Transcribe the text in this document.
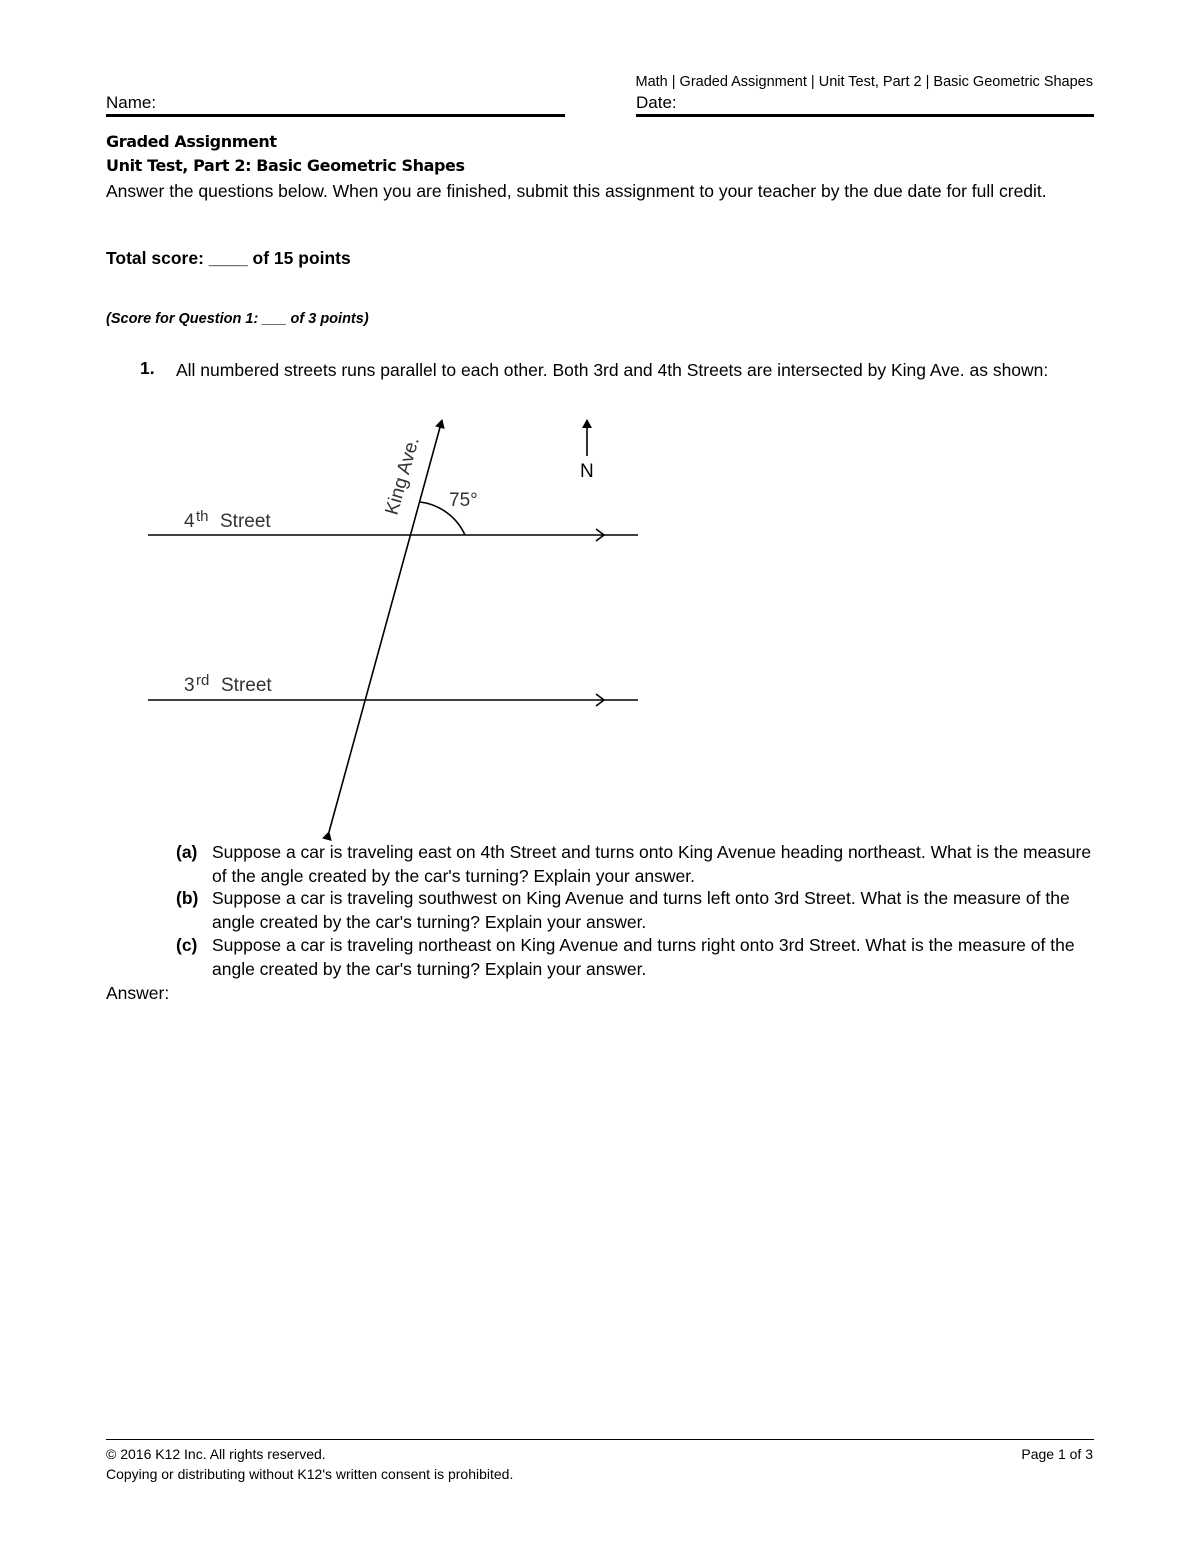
Math | Graded Assignment | Unit Test, Part 2 | Basic Geometric Shapes
Name:	Date:
Graded Assignment
Unit Test, Part 2: Basic Geometric Shapes
Answer the questions below. When you are finished, submit this assignment to your teacher by the due date for full credit.
Total score: ____ of 15 points
(Score for Question 1: ___ of 3 points)
1. All numbered streets runs parallel to each other. Both 3rd and 4th Streets are intersected by King Ave. as shown:
King Ave. 75°
N
4 th Street
3 rd Street
(a) Suppose a car is traveling east on 4th Street and turns onto King Avenue heading northeast. What is the measure of the angle created by the car's turning? Explain your answer.
(b) Suppose a car is traveling southwest on King Avenue and turns left onto 3rd Street. What is the measure of the angle created by the car's turning? Explain your answer.
(c) Suppose a car is traveling northeast on King Avenue and turns right onto 3rd Street. What is the measure of the angle created by the car's turning? Explain your answer.
Answer:
© 2016 K12 Inc. All rights reserved.
Copying or distributing without K12's written consent is prohibited.
Page 1 of 3
